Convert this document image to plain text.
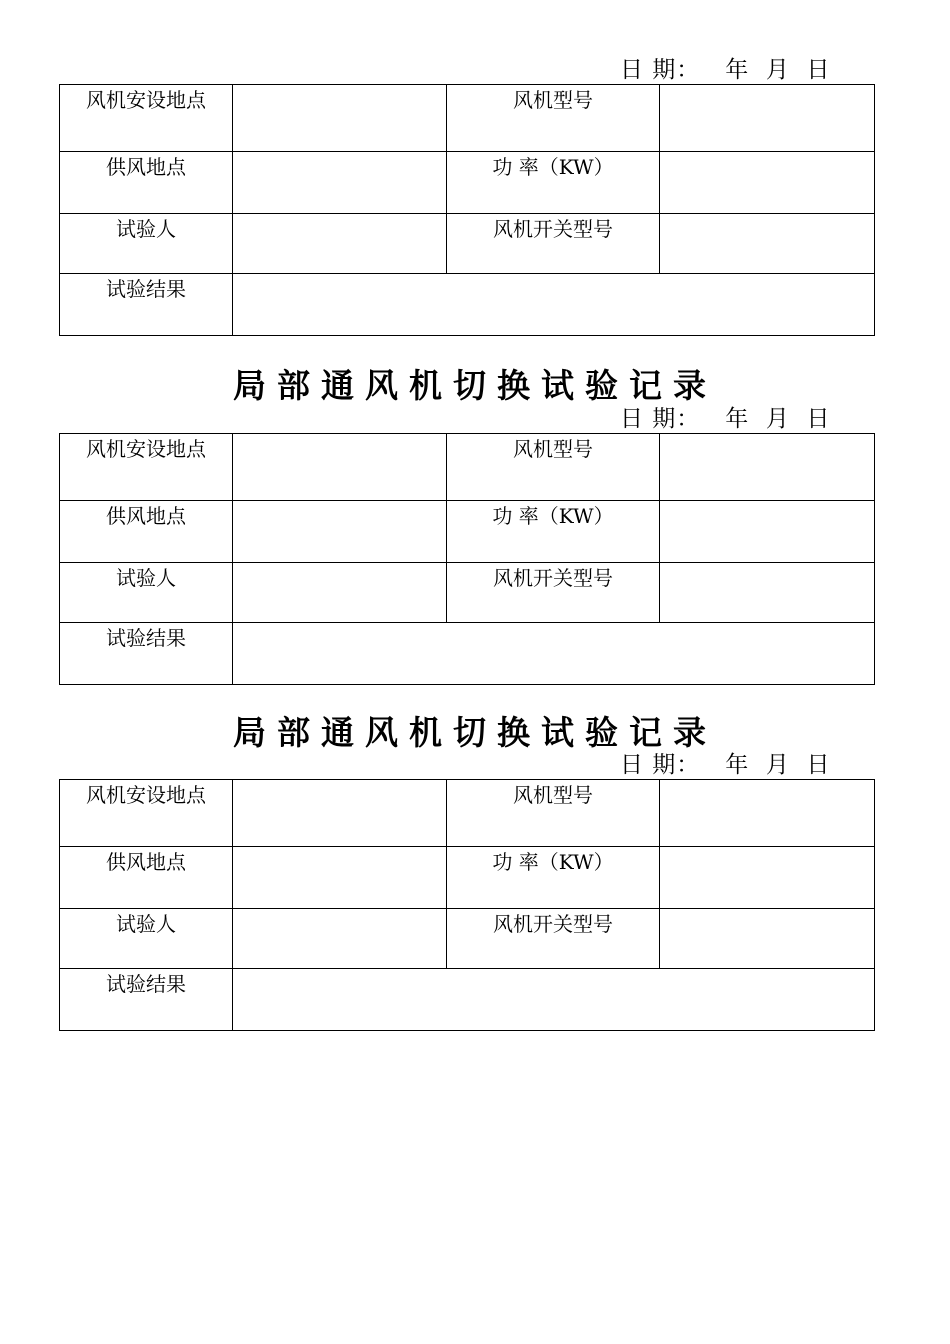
日 期：   年  月  日
风机安设地点		风机型号	
供风地点		功 率（KW）	
试验人		风机开关型号	
试验结果			
局部通风机切换试验记录
日 期：   年  月  日
风机安设地点		风机型号	
供风地点		功 率（KW）	
试验人		风机开关型号	
试验结果			
局部通风机切换试验记录
日 期：   年  月  日
风机安设地点		风机型号	
供风地点		功 率（KW）	
试验人		风机开关型号	
试验结果			
